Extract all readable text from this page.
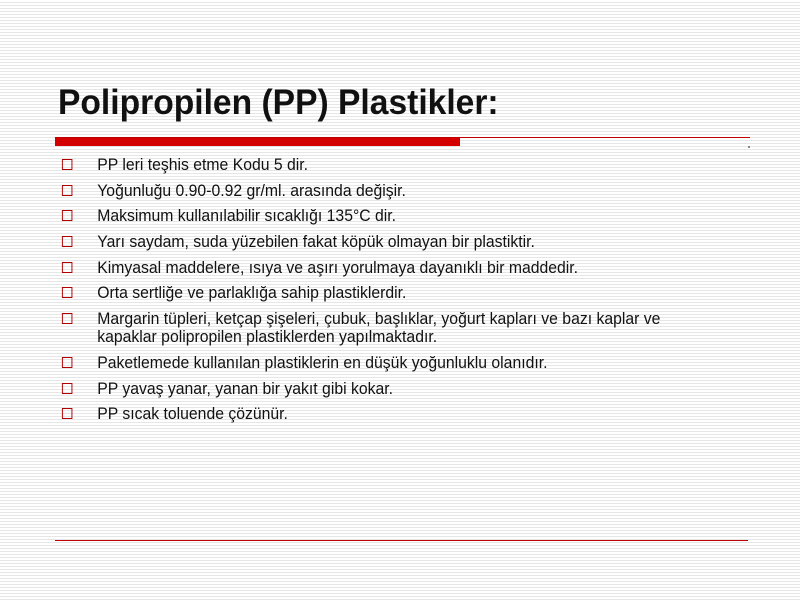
Polipropilen (PP) Plastikler:
PP leri teşhis etme Kodu 5 dir.
Yoğunluğu 0.90-0.92 gr/ml. arasında değişir.
Maksimum kullanılabilir sıcaklığı 135°C dir.
Yarı saydam, suda yüzebilen fakat köpük olmayan bir plastiktir.
Kimyasal maddelere, ısıya ve aşırı yorulmaya dayanıklı bir maddedir.
Orta sertliğe ve parlaklığa sahip plastiklerdir.
Margarin tüpleri, ketçap şişeleri, çubuk, başlıklar, yoğurt kapları ve bazı kaplar ve kapaklar polipropilen plastiklerden yapılmaktadır.
Paketlemede kullanılan plastiklerin en düşük yoğunluklu olanıdır.
PP yavaş yanar, yanan bir yakıt gibi kokar.
PP sıcak toluende çözünür.
